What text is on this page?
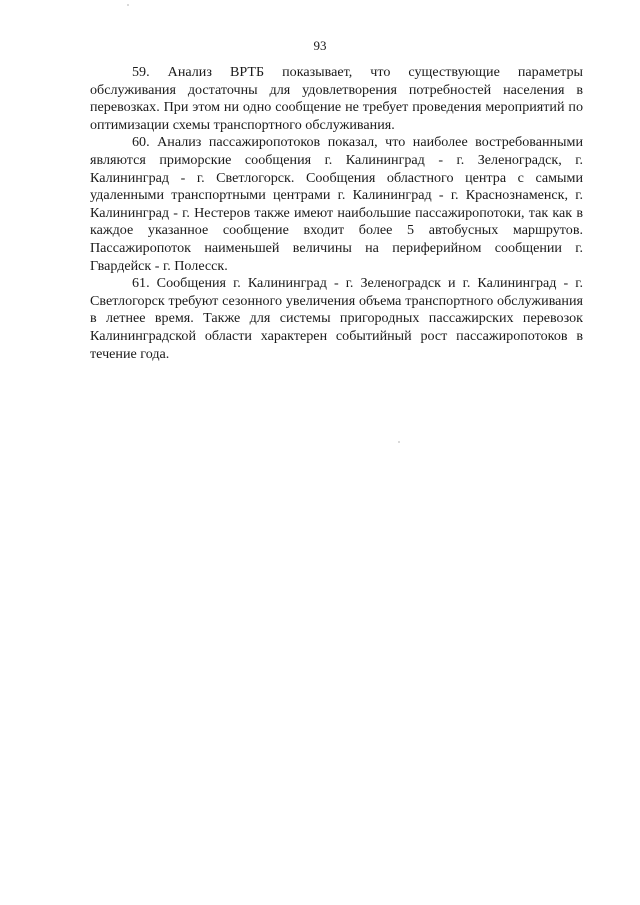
93

59. Анализ ВРТБ показывает, что существующие параметры обслуживания достаточны для удовлетворения потребностей населения в перевозках. При этом ни одно сообщение не требует проведения мероприятий по оптимизации схемы транспортного обслуживания.

60. Анализ пассажиропотоков показал, что наиболее востребованными являются приморские сообщения г. Калининград - г. Зеленоградск, г. Калининград - г. Светлогорск. Сообщения областного центра с самыми удаленными транспортными центрами г. Калининград - г. Краснознаменск, г. Калининград - г. Нестеров также имеют наибольшие пассажиропотоки, так как в каждое указанное сообщение входит более 5 автобусных маршрутов. Пассажиропоток наименьшей величины на периферийном сообщении г. Гвардейск - г. Полесск.

61. Сообщения г. Калининград - г. Зеленоградск и г. Калининград - г. Светлогорск требуют сезонного увеличения объема транспортного обслуживания в летнее время. Также для системы пригородных пассажирских перевозок Калининградской области характерен событийный рост пассажиропотоков в течение года.
